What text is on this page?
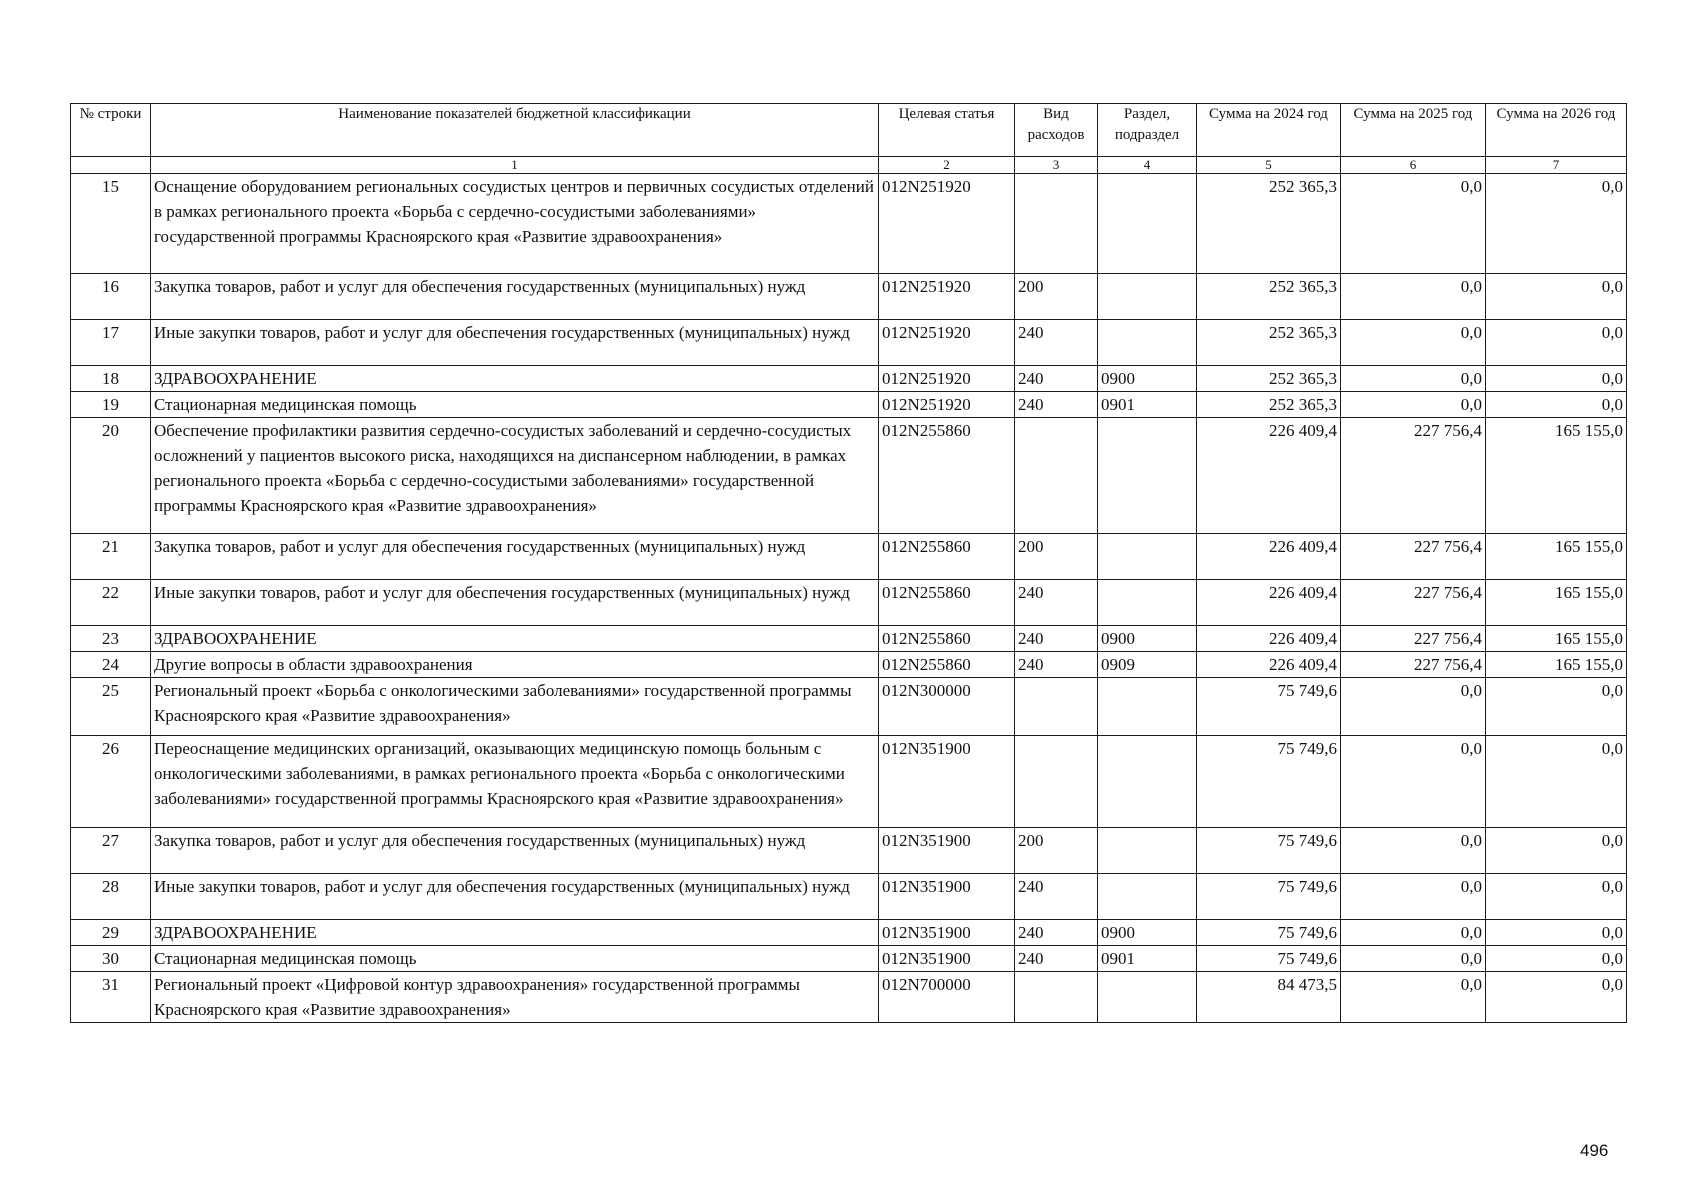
№ строки	Наименование показателей бюджетной классификации	Целевая статья	Вид расходов	Раздел, подраздел	Сумма на 2024 год	Сумма на 2025 год	Сумма на 2026 год
	1	2	3	4	5	6	7
15	Оснащение оборудованием региональных сосудистых центров и первичных сосудистых отделений в рамках регионального проекта «Борьба с сердечно-сосудистыми заболеваниями» государственной программы Красноярского края «Развитие здравоохранения»	012N251920			252 365,3	0,0	0,0
16	Закупка товаров, работ и услуг для обеспечения государственных (муниципальных) нужд	012N251920	200		252 365,3	0,0	0,0
17	Иные закупки товаров, работ и услуг для обеспечения государственных (муниципальных) нужд	012N251920	240		252 365,3	0,0	0,0
18	ЗДРАВООХРАНЕНИЕ	012N251920	240	0900	252 365,3	0,0	0,0
19	Стационарная медицинская помощь	012N251920	240	0901	252 365,3	0,0	0,0
20	Обеспечение профилактики развития сердечно-сосудистых заболеваний и сердечно-сосудистых осложнений у пациентов высокого риска, находящихся на диспансерном наблюдении, в рамках регионального проекта «Борьба с сердечно-сосудистыми заболеваниями» государственной программы Красноярского края «Развитие здравоохранения»	012N255860			226 409,4	227 756,4	165 155,0
21	Закупка товаров, работ и услуг для обеспечения государственных (муниципальных) нужд	012N255860	200		226 409,4	227 756,4	165 155,0
22	Иные закупки товаров, работ и услуг для обеспечения государственных (муниципальных) нужд	012N255860	240		226 409,4	227 756,4	165 155,0
23	ЗДРАВООХРАНЕНИЕ	012N255860	240	0900	226 409,4	227 756,4	165 155,0
24	Другие вопросы в области здравоохранения	012N255860	240	0909	226 409,4	227 756,4	165 155,0
25	Региональный проект «Борьба с онкологическими заболеваниями» государственной программы Красноярского края «Развитие здравоохранения»	012N300000			75 749,6	0,0	0,0
26	Переоснащение медицинских организаций, оказывающих медицинскую помощь больным с онкологическими заболеваниями, в рамках регионального проекта «Борьба с онкологическими заболеваниями» государственной программы Красноярского края «Развитие здравоохранения»	012N351900			75 749,6	0,0	0,0
27	Закупка товаров, работ и услуг для обеспечения государственных (муниципальных) нужд	012N351900	200		75 749,6	0,0	0,0
28	Иные закупки товаров, работ и услуг для обеспечения государственных (муниципальных) нужд	012N351900	240		75 749,6	0,0	0,0
29	ЗДРАВООХРАНЕНИЕ	012N351900	240	0900	75 749,6	0,0	0,0
30	Стационарная медицинская помощь	012N351900	240	0901	75 749,6	0,0	0,0
31	Региональный проект «Цифровой контур здравоохранения» государственной программы Красноярского края «Развитие здравоохранения»	012N700000			84 473,5	0,0	0,0
496
